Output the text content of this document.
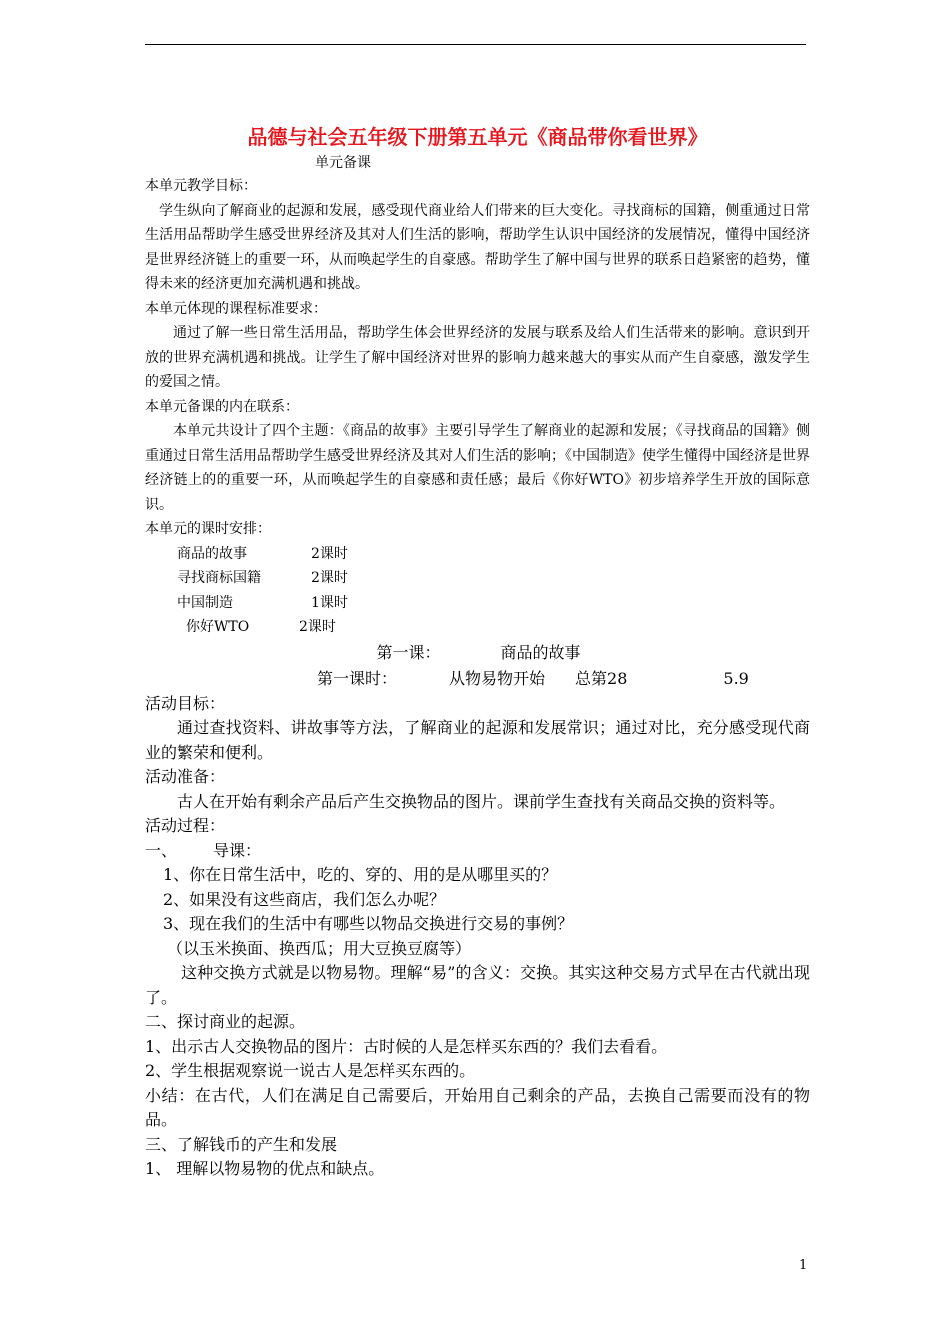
品德与社会五年级下册第五单元《商品带你看世界》
单元备课
本单元教学目标：

学生纵向了解商业的起源和发展，感受现代商业给人们带来的巨大变化。寻找商标的国籍，侧重通过日常生活用品帮助学生感受世界经济及其对人们生活的影响，帮助学生认识中国经济的发展情况，懂得中国经济是世界经济链上的重要一环，从而唤起学生的自豪感。帮助学生了解中国与世界的联系日趋紧密的趋势，懂得未来的经济更加充满机遇和挑战。

本单元体现的课程标准要求：

通过了解一些日常生活用品，帮助学生体会世界经济的发展与联系及给人们生活带来的影响。意识到开放的世界充满机遇和挑战。让学生了解中国经济对世界的影响力越来越大的事实从而产生自豪感，激发学生的爱国之情。

本单元备课的内在联系：

本单元共设计了四个主题：《商品的故事》主要引导学生了解商业的起源和发展；《寻找商品的国籍》侧重通过日常生活用品帮助学生感受世界经济及其对人们生活的影响；《中国制造》使学生懂得中国经济是世界经济链上的的重要一环，从而唤起学生的自豪感和责任感；最后《你好WTO》初步培养学生开放的国际意识。

本单元的课时安排：
商品的故事	2课时
寻找商标国籍	2课时
中国制造	1课时
你好WTO	2课时
第一课：	商品的故事
第一课时：	从物易物开始 总第28	5.9
活动目标：

通过查找资料、讲故事等方法，了解商业的起源和发展常识；通过对比，充分感受现代商业的繁荣和便利。

活动准备：

古人在开始有剩余产品后产生交换物品的图片。课前学生查找有关商品交换的资料等。

活动过程：
一、 导课：
1、你在日常生活中，吃的、穿的、用的是从哪里买的？
2、如果没有这些商店，我们怎么办呢？
3、现在我们的生活中有哪些以物品交换进行交易的事例？
（以玉米换面、换西瓜；用大豆换豆腐等）

这种交换方式就是以物易物。理解“易”的含义：交换。其实这种交易方式早在古代就出现了。

二、探讨商业的起源。
1、出示古人交换物品的图片：古时候的人是怎样买东西的？我们去看看。
2、学生根据观察说一说古人是怎样买东西的。

小结：在古代，人们在满足自己需要后，开始用自己剩余的产品，去换自己需要而没有的物品。

三、了解钱币的产生和发展
1、 理解以物易物的优点和缺点。
1
